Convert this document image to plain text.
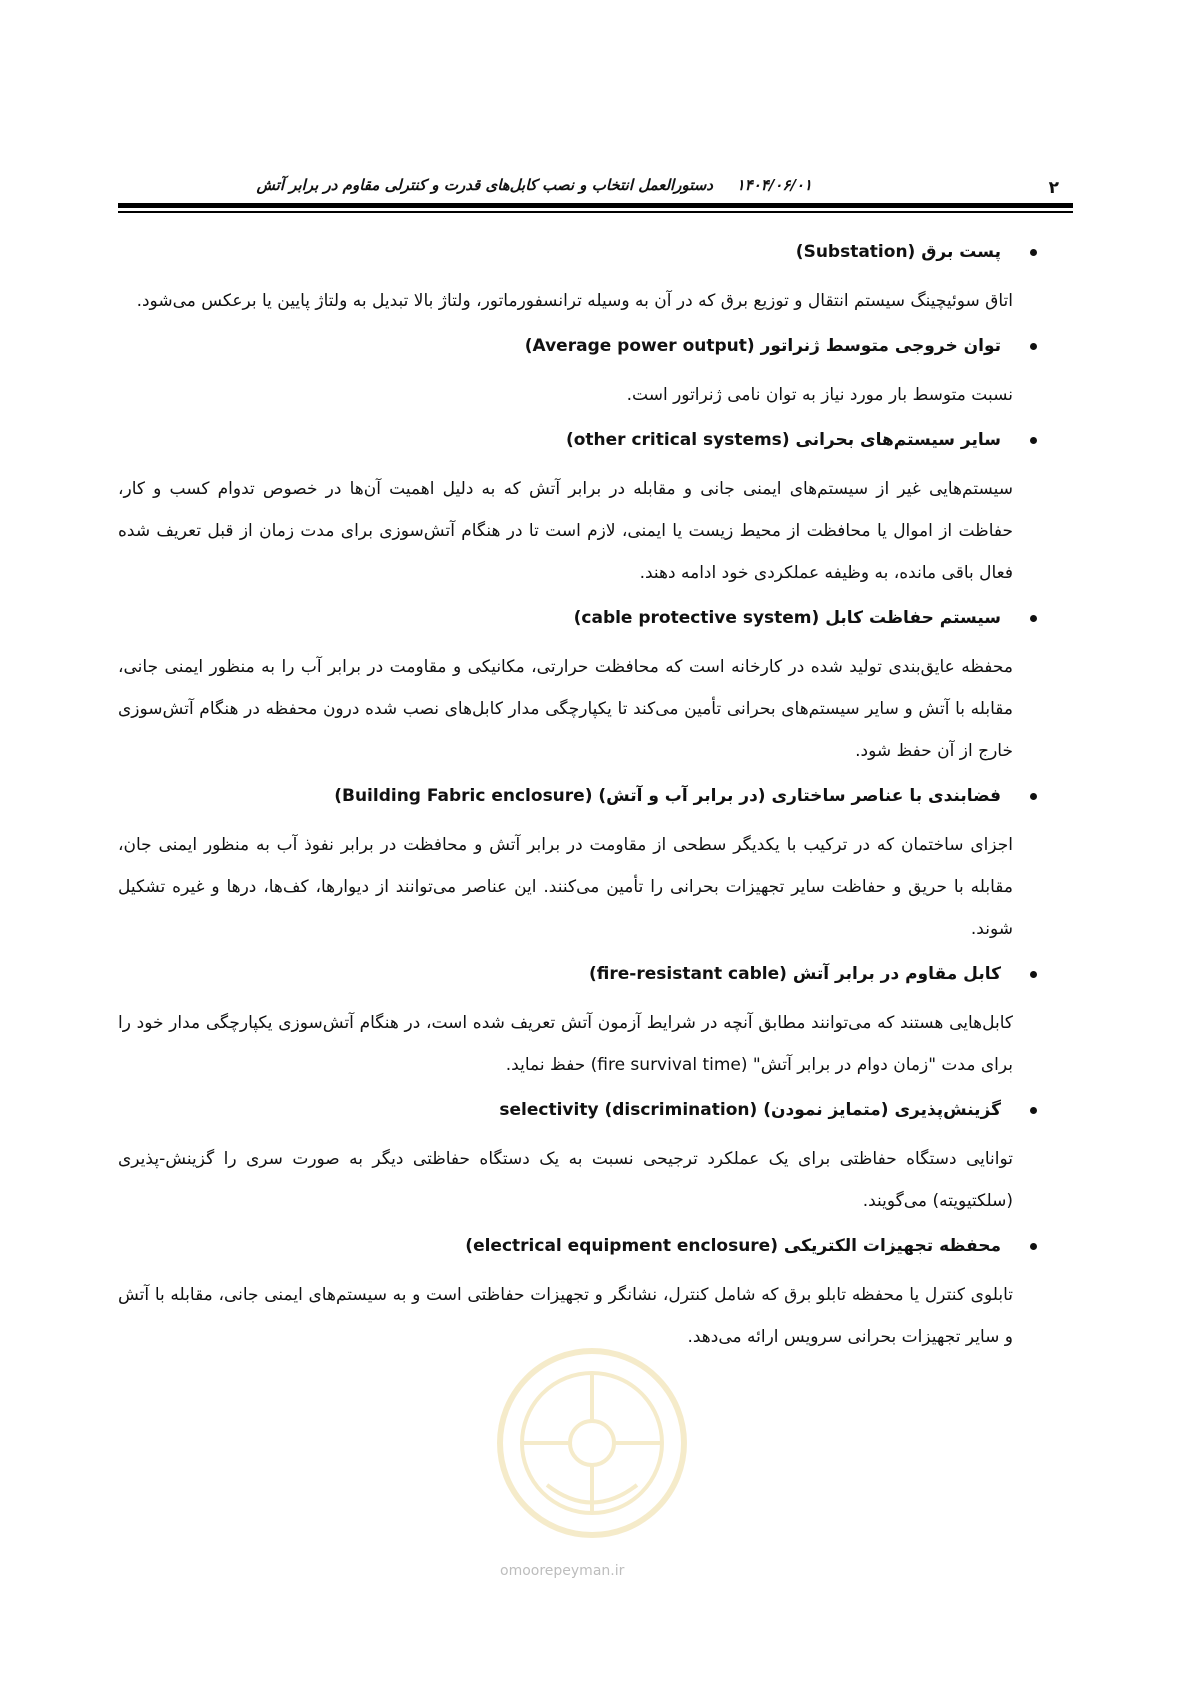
۲
دستورالعمل انتخاب و نصب کابل‌های قدرت و کنترلی مقاوم در برابر آتش ۱۴۰۴/۰۶/۰۱
پست برق (Substation)
اتاق سوئیچینگ سیستم انتقال و توزیع برق که در آن به وسیله ترانسفورماتور، ولتاژ بالا تبدیل به ولتاژ پایین یا برعکس می‌شود.
توان خروجی متوسط ژنراتور (Average power output)
نسبت متوسط بار مورد نیاز به توان نامی ژنراتور است.
سایر سیستم‌های بحرانی (other critical systems)
سیستم‌هایی غیر از سیستم‌های ایمنی جانی و مقابله در برابر آتش که به دلیل اهمیت آن‌ها در خصوص تدوام کسب و کار، حفاظت از اموال یا محافظت از محیط زیست یا ایمنی، لازم است تا در هنگام آتش‌سوزی برای مدت زمان از قبل تعریف شده فعال باقی مانده، به وظیفه عملکردی خود ادامه دهند.
سیستم حفاظت کابل (cable protective system)
محفظه عایق‌بندی تولید شده در کارخانه است که محافظت حرارتی، مکانیکی و مقاومت در برابر آب را به منظور ایمنی جانی، مقابله با آتش و سایر سیستم‌های بحرانی تأمین می‌کند تا یکپارچگی مدار کابل‌های نصب شده درون محفظه در هنگام آتش‌سوزی خارج از آن حفظ شود.
فضابندی با عناصر ساختاری (در برابر آب و آتش) (Building Fabric enclosure)
اجزای ساختمان که در ترکیب با یکدیگر سطحی از مقاومت در برابر آتش و محافظت در برابر نفوذ آب به منظور ایمنی جان، مقابله با حریق و حفاظت سایر تجهیزات بحرانی را تأمین می‌کنند. این عناصر می‌توانند از دیوارها، کف‌ها، درها و غیره تشکیل شوند.
کابل مقاوم در برابر آتش (fire-resistant cable)
کابل‌هایی هستند که می‌توانند مطابق آنچه در شرایط آزمون آتش تعریف شده است، در هنگام آتش‌سوزی یکپارچگی مدار خود را برای مدت "زمان دوام در برابر آتش" (fire survival time) حفظ نماید.
گزینش‌پذیری (متمایز نمودن) (selectivity (discrimination
توانایی دستگاه حفاظتی برای یک عملکرد ترجیحی نسبت به یک دستگاه حفاظتی دیگر به صورت سری را گزینش-پذیری (سلکتیویته) می‌گویند.
محفظه تجهیزات الکتریکی (electrical equipment enclosure)
تابلوی کنترل یا محفظه تابلو برق که شامل کنترل، نشانگر و تجهیزات حفاظتی است و به سیستم‌های ایمنی جانی، مقابله با آتش و سایر تجهیزات بحرانی سرویس ارائه می‌دهد.
omoorepeyman.ir
